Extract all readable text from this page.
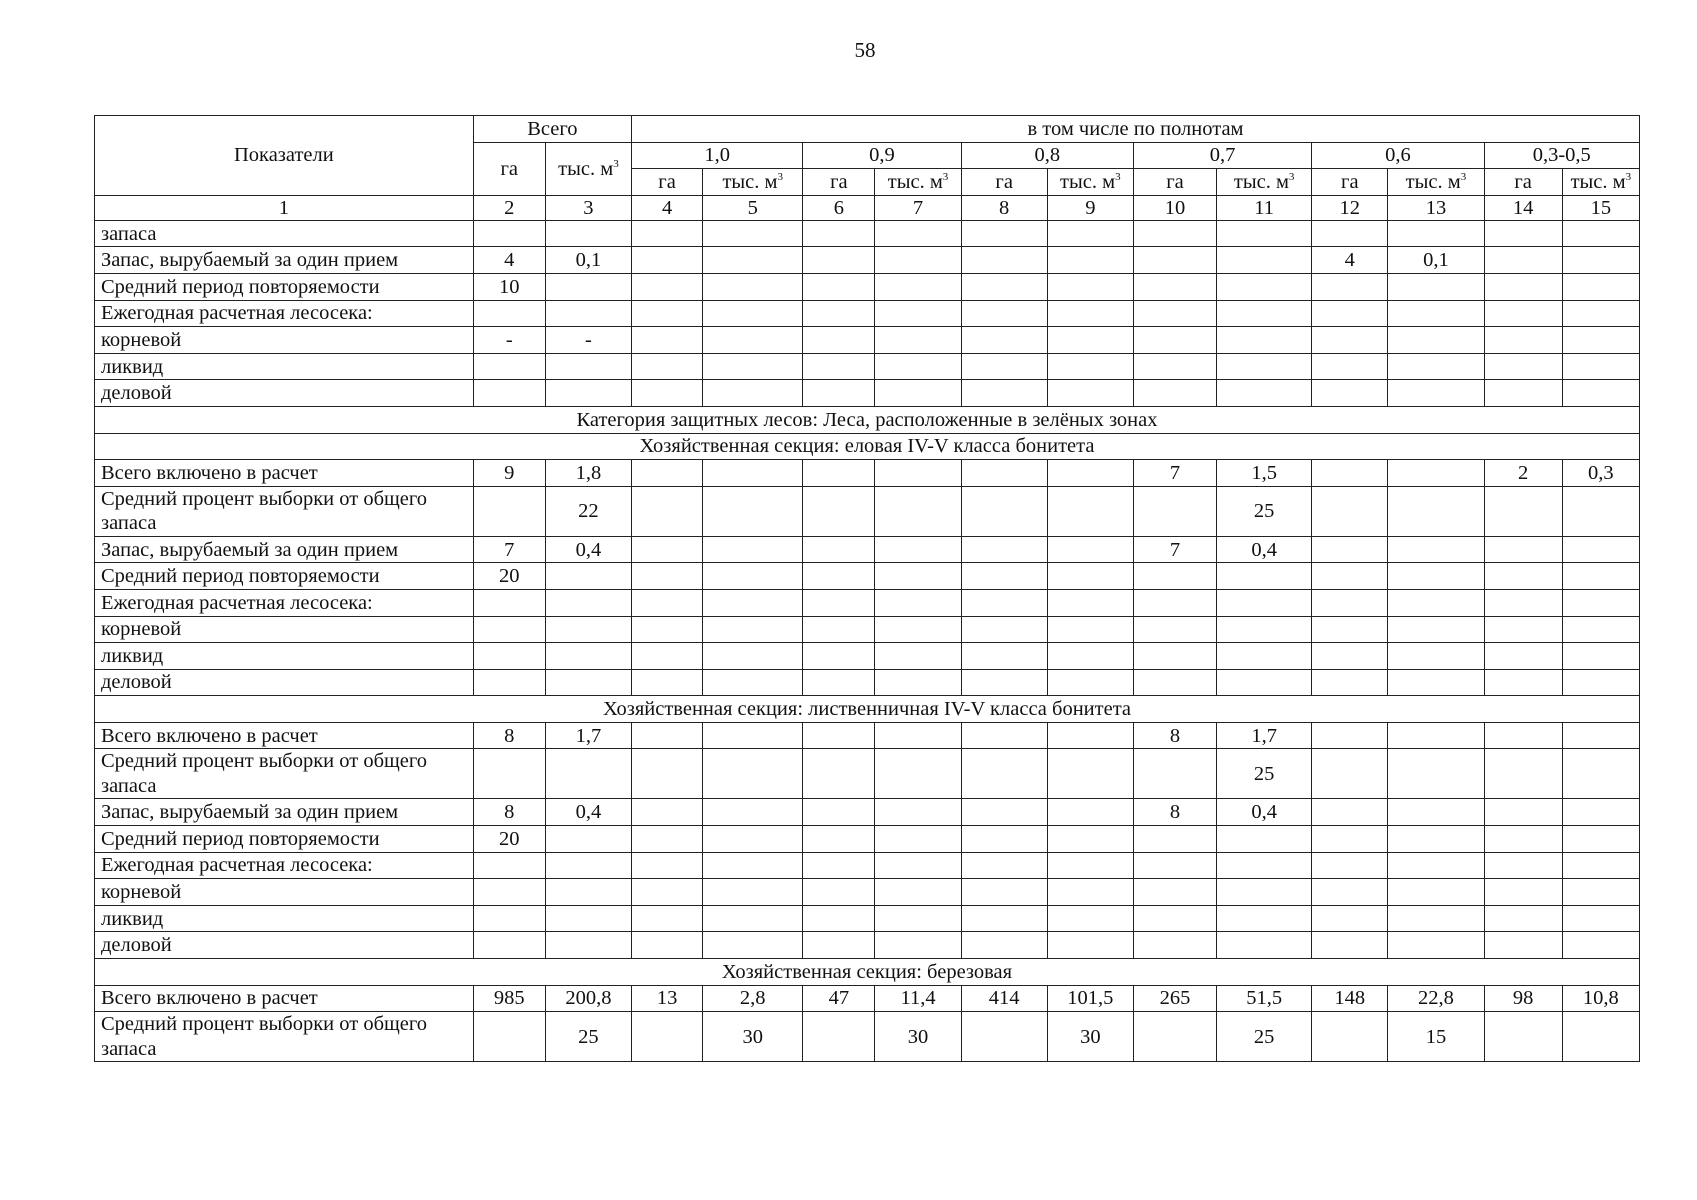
58
Показатели	Всего		в том числе по полнотам											
	га	тыс. $м^3$	1,0		0,9		0,8		0,7		0,6		0,3-0,5	
			га	тыс. $м^3$	га	тыс. $м^3$	га	тыс. $м^3$	га	тыс. $м^3$	га	тыс. $м^3$	га	тыс. $м^3$
1	2	3	4	5	6	7	8	9	10	11	12	13	14	15
запаса														
Запас, вырубаемый за один прием	4	0,1									4	0,1		
Средний период повторяемости	10													
Ежегодная расчетная лесосека:														
корневой	-	-												
ликвид														
деловой														
Категория защитных лесов: Леса, расположенные в зелёных зонах														
Хозяйственная секция: еловая IV-V класса бонитета														
Всего включено в расчет	9	1,8							7	1,5			2	0,3
Средний процент выборки от общего запаса		22								25				
Запас, вырубаемый за один прием	7	0,4							7	0,4				
Средний период повторяемости	20													
Ежегодная расчетная лесосека:														
корневой														
ликвид														
деловой														
Хозяйственная секция: лиственничная IV-V класса бонитета														
Всего включено в расчет	8	1,7							8	1,7				
Средний процент выборки от общего запаса										25				
Запас, вырубаемый за один прием	8	0,4							8	0,4				
Средний период повторяемости	20													
Ежегодная расчетная лесосека:														
корневой														
ликвид														
деловой														
Хозяйственная секция: березовая														
Всего включено в расчет	985	200,8	13	2,8	47	11,4	414	101,5	265	51,5	148	22,8	98	10,8
Средний процент выборки от общего запаса		25		30		30		30		25		15		
